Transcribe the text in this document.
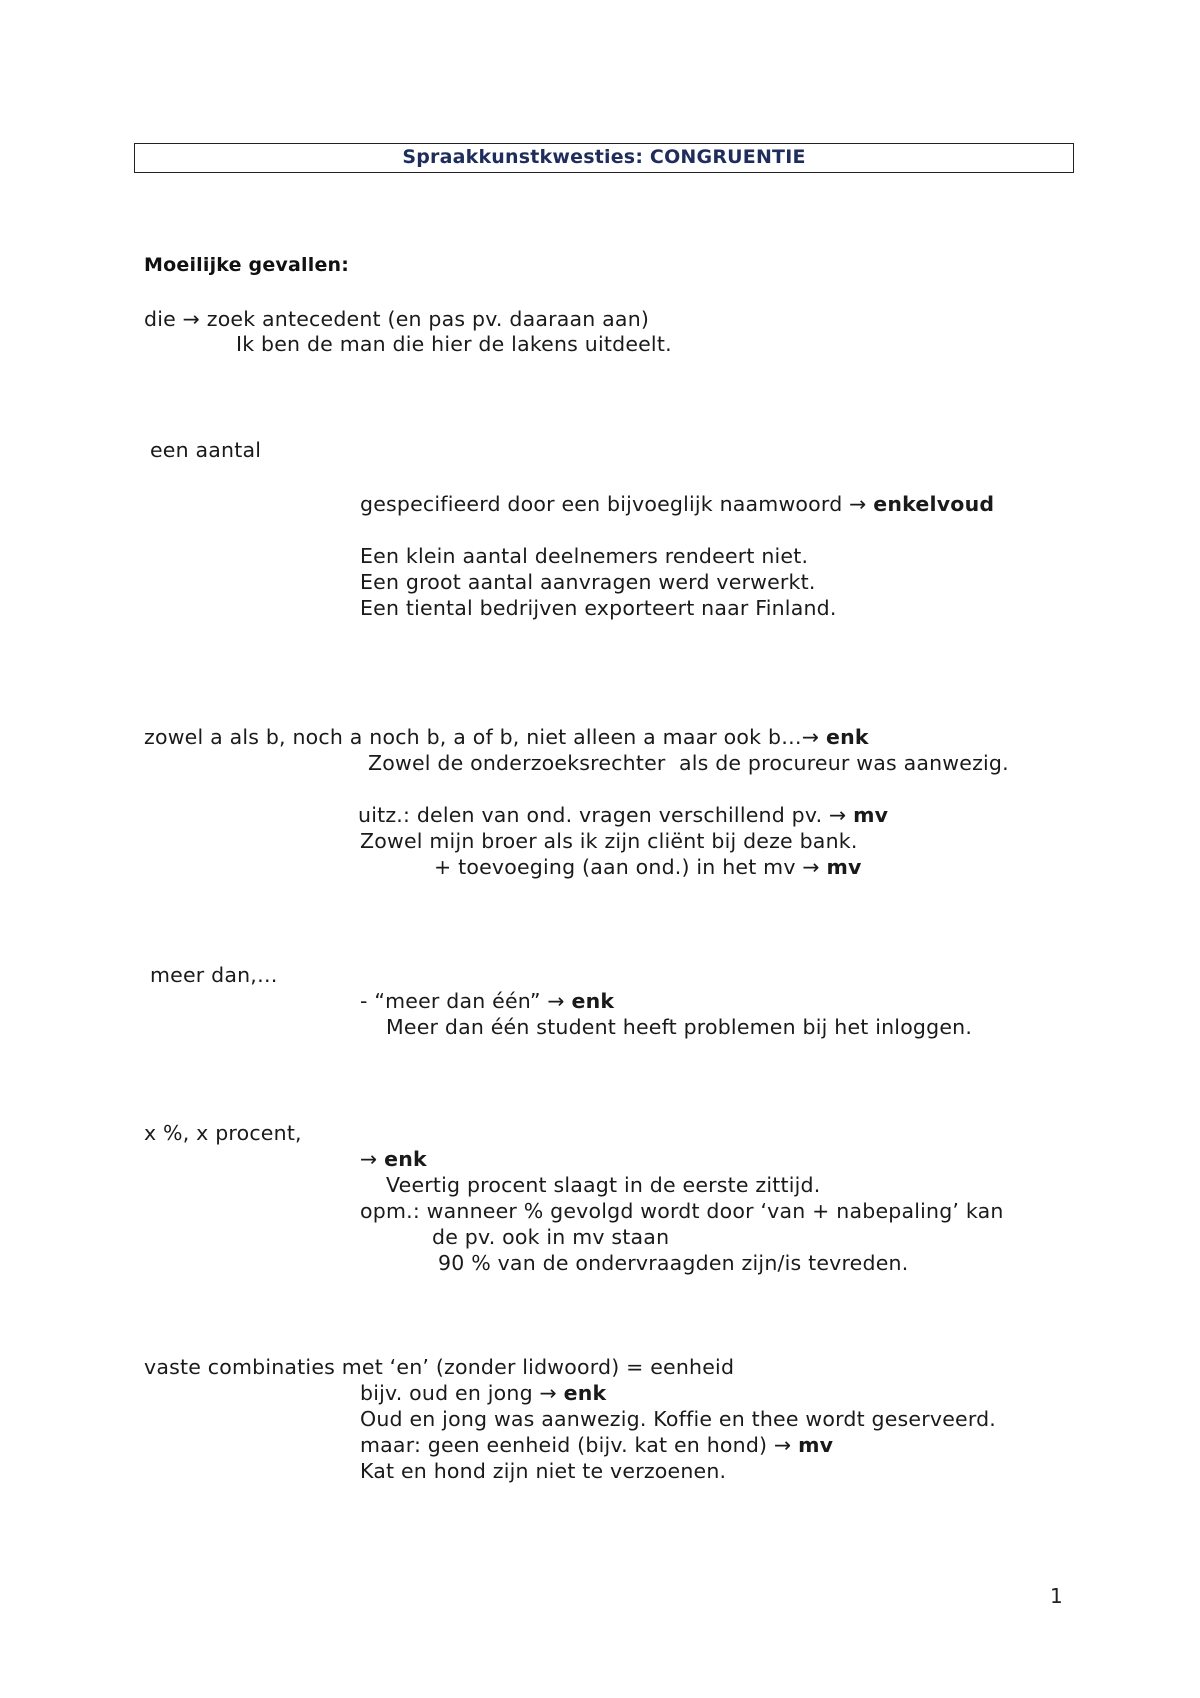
Spraakkunstkwesties: CONGRUENTIE
Moeilijke gevallen:
die → zoek antecedent (en pas pv. daaraan aan)
Ik ben de man die hier de lakens uitdeelt.
een aantal
gespecifieerd door een bijvoeglijk naamwoord → enkelvoud
Een klein aantal deelnemers rendeert niet.
Een groot aantal aanvragen werd verwerkt.
Een tiental bedrijven exporteert naar Finland.
zowel a als b, noch a noch b, a of b, niet alleen a maar ook b…→ enk
Zowel de onderzoeksrechter  als de procureur was aanwezig.
uitz.: delen van ond. vragen verschillend pv. → mv
Zowel mijn broer als ik zijn cliënt bij deze bank.
+ toevoeging (aan ond.) in het mv → mv
meer dan,…
- “meer dan één” → enk
Meer dan één student heeft problemen bij het inloggen.
x %, x procent,
→ enk
Veertig procent slaagt in de eerste zittijd.
opm.: wanneer % gevolgd wordt door ‘van + nabepaling’ kan
de pv. ook in mv staan
90 % van de ondervraagden zijn/is tevreden.
vaste combinaties met ‘en’ (zonder lidwoord) = eenheid
bijv. oud en jong → enk
Oud en jong was aanwezig. Koffie en thee wordt geserveerd.
maar: geen eenheid (bijv. kat en hond) → mv
Kat en hond zijn niet te verzoenen.
1
